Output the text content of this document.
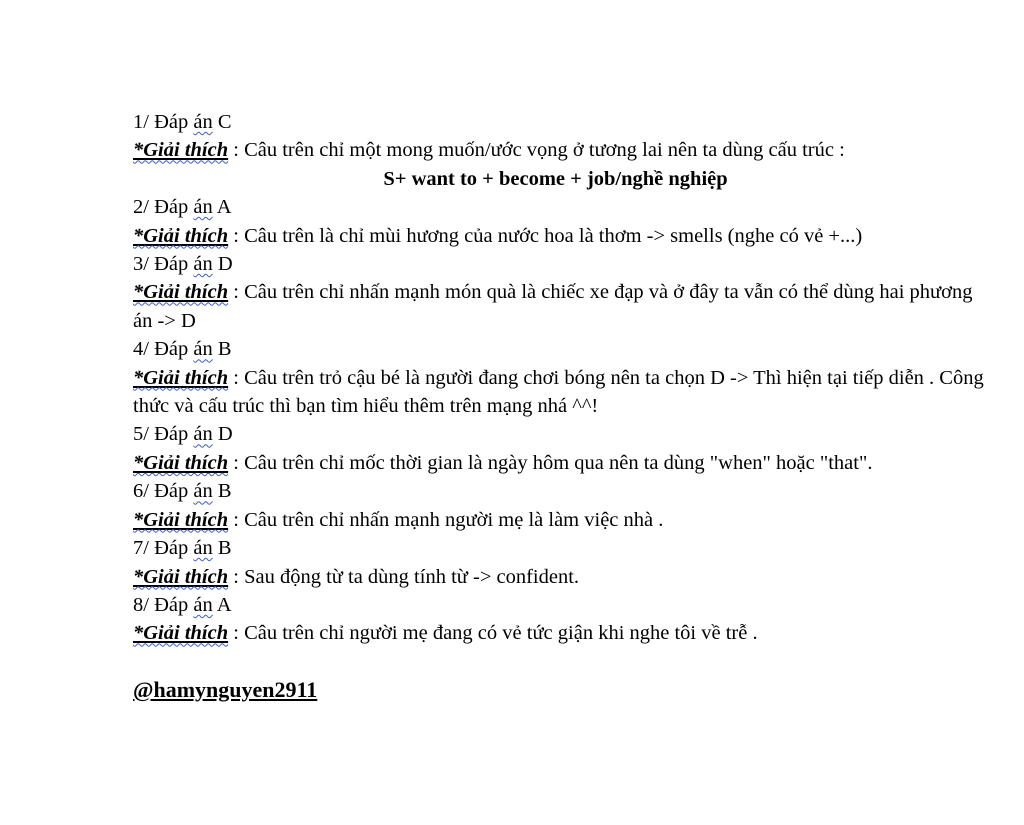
1/ Đáp án C
*Giải thích : Câu trên chỉ một mong muốn/ước vọng ở tương lai nên ta dùng cấu trúc :
S+ want to + become + job/nghề nghiệp
2/ Đáp án A
*Giải thích : Câu trên là chỉ mùi hương của nước hoa là thơm -> smells (nghe có vẻ +...)
3/ Đáp án D
*Giải thích : Câu trên chỉ nhấn mạnh món quà là chiếc xe đạp và ở đây ta vẫn có thể dùng hai phương án -> D
4/ Đáp án B
*Giải thích : Câu trên trỏ cậu bé là người đang chơi bóng nên ta chọn D -> Thì hiện tại tiếp diễn . Công thức và cấu trúc thì bạn tìm hiểu thêm trên mạng nhá ^^!
5/ Đáp án D
*Giải thích : Câu trên chỉ mốc thời gian là ngày hôm qua nên ta dùng "when" hoặc "that".
6/ Đáp án B
*Giải thích : Câu trên chỉ nhấn mạnh người mẹ là làm việc nhà .
7/ Đáp án B
*Giải thích : Sau động từ ta dùng tính từ -> confident.
8/ Đáp án A
*Giải thích : Câu trên chỉ người mẹ đang có vẻ tức giận khi nghe tôi về trễ .
@hamynguyen2911
